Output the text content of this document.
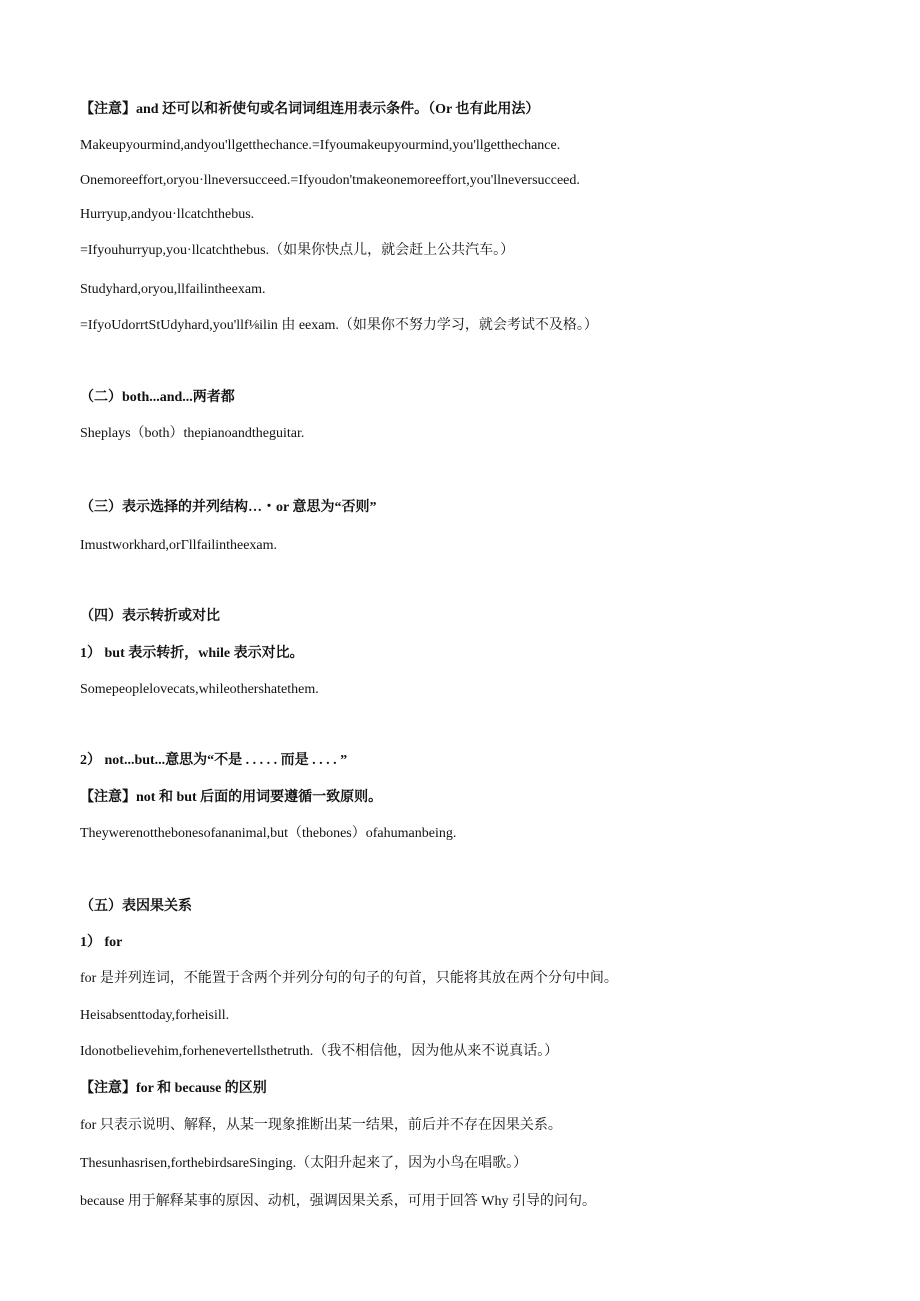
【注意】and 还可以和祈使句或名词词组连用表示条件。（Or 也有此用法）
Makeupyourmind,andyou'llgetthechance.=Ifyoumakeupyourmind,you'llgetthechance.
Onemoreeffort,oryou·llneversucceed.=Ifyoudon'tmakeonemoreeffort,you'llneversucceed.
Hurryup,andyou·llcatchthebus.
=Ifyouhurryup,you·llcatchthebus.（如果你快点儿，就会赶上公共汽车。）
Studyhard,oryou,llfailintheexam.
=IfyoUdorrtStUdyhard,you'llf⅛ilin 由 eexam.（如果你不努力学习，就会考试不及格。）
（二）both...and...两者都
Sheplays（both）thepianoandtheguitar.
（三）表示选择的并列结构…・or 意思为“否则”
Imustworkhard,orΓllfailintheexam.
（四）表示转折或对比
1） but 表示转折，while 表示对比。
Somepeoplelovecats,whileothershatethem.
2） not...but...意思为“不是 . . . . . 而是 . . . . ”
【注意】not 和 but 后面的用词要遵循一致原则。
Theywerenotthebonesofananimal,but（thebones）ofahumanbeing.
（五）表因果关系
1） for
for 是并列连词，不能置于含两个并列分句的句子的句首，只能将其放在两个分句中间。
Heisabsenttoday,forheisill.
Idonotbelievehim,forhenevertellsthetruth.（我不相信他，因为他从来不说真话。）
【注意】for 和 because 的区别
for 只表示说明、解释，从某一现象推断出某一结果，前后并不存在因果关系。
Thesunhasrisen,forthebirdsareSinging.（太阳升起来了，因为小鸟在唱歌。）
because 用于解释某事的原因、动机，强调因果关系，可用于回答 Why 引导的问句。
